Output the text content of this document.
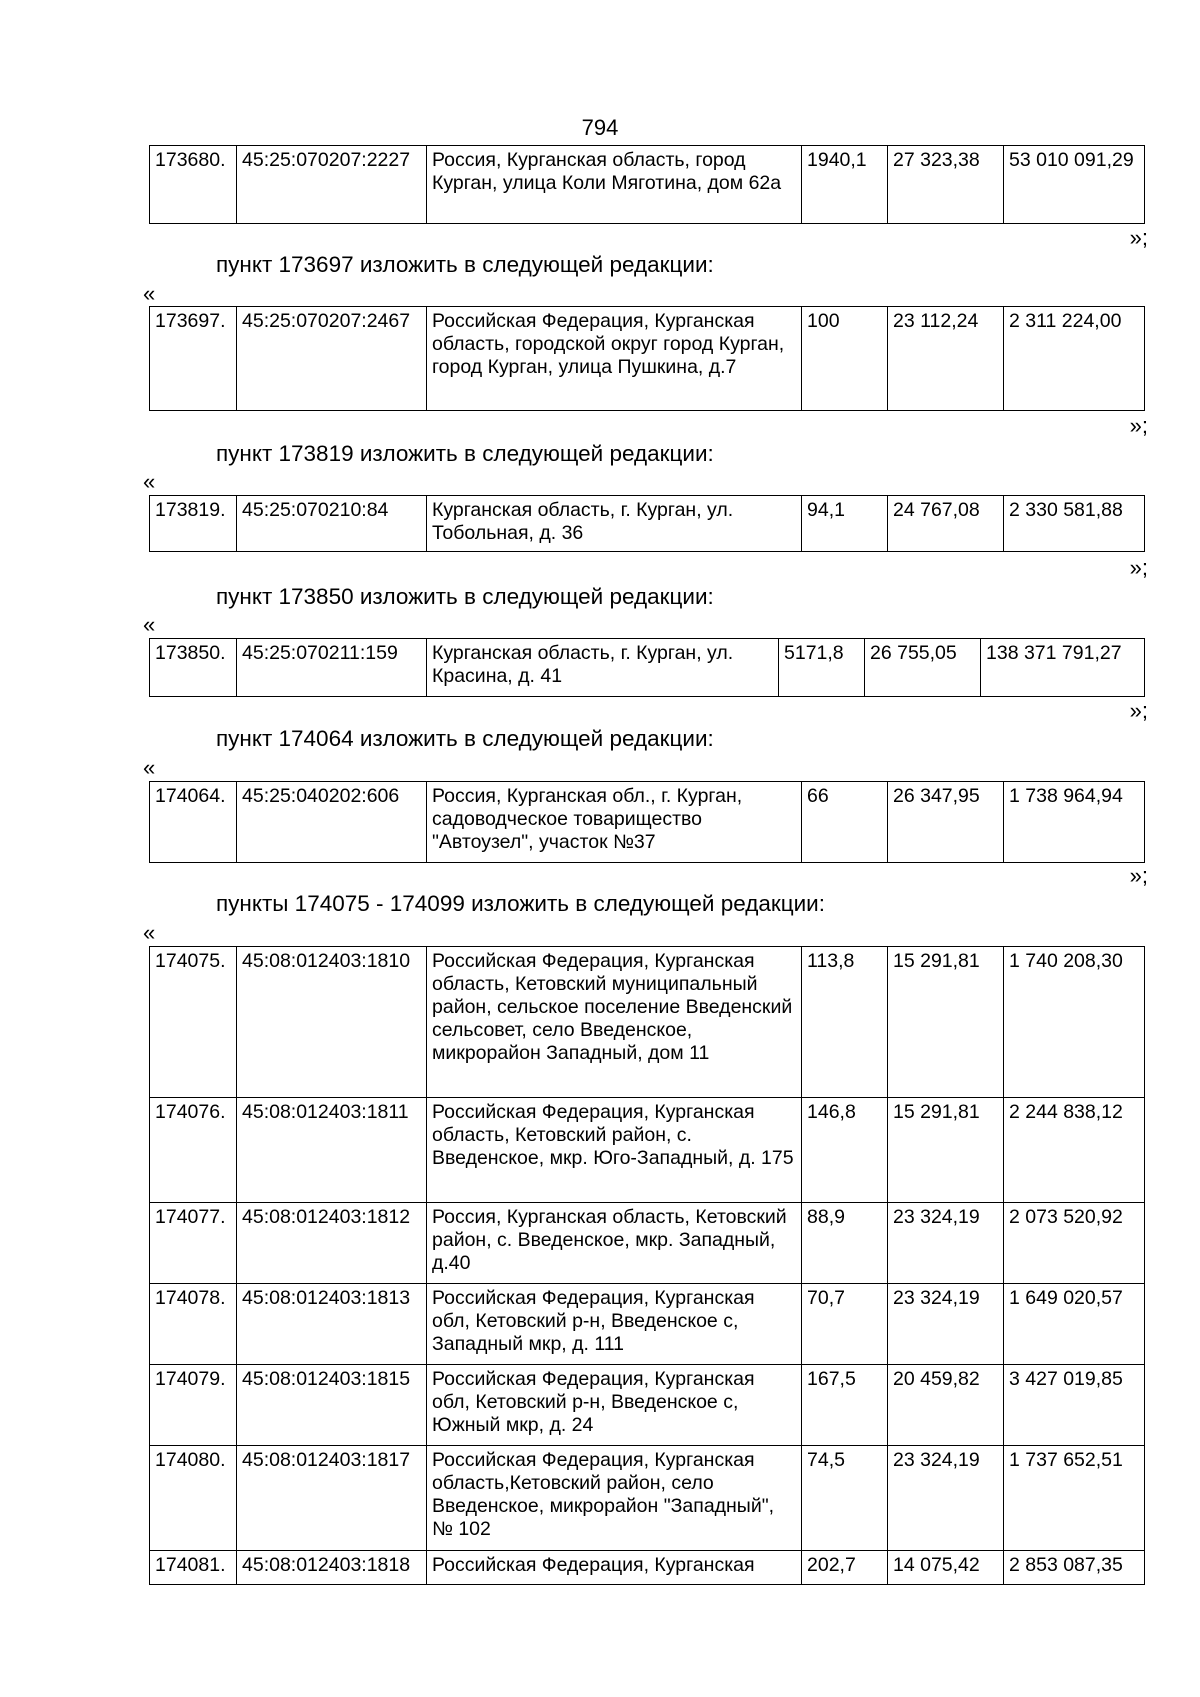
794
173680.	45:25:070207:2227	Россия, Курганская область, город Курган, улица Коли Мяготина, дом 62а	1940,1	27 323,38	53 010 091,29
»;
пункт 173697 изложить в следующей редакции:
«
173697.	45:25:070207:2467	Российская Федерация, Курганская область, городской округ город Курган, город Курган, улица Пушкина, д.7	100	23 112,24	2 311 224,00
»;
пункт 173819 изложить в следующей редакции:
«
173819.	45:25:070210:84	Курганская область, г. Курган, ул. Тобольная, д. 36	94,1	24 767,08	2 330 581,88
»;
пункт 173850 изложить в следующей редакции:
«
173850.	45:25:070211:159	Курганская область, г. Курган, ул. Красина, д. 41	5171,8	26 755,05	138 371 791,27
»;
пункт 174064 изложить в следующей редакции:
«
174064.	45:25:040202:606	Россия, Курганская обл., г. Курган, садоводческое товарищество "Автоузел", участок №37	66	26 347,95	1 738 964,94
»;
пункты 174075 - 174099 изложить в следующей редакции:
«
174075.	45:08:012403:1810	Российская Федерация, Курганская область, Кетовский муниципальный район, сельское поселение Введенский сельсовет, село Введенское, микрорайон Западный, дом 11	113,8	15 291,81	1 740 208,30
174076.	45:08:012403:1811	Российская Федерация, Курганская область, Кетовский район, с. Введенское, мкр. Юго-Западный, д. 175	146,8	15 291,81	2 244 838,12
174077.	45:08:012403:1812	Россия, Курганская область, Кетовский район, с. Введенское, мкр. Западный, д.40	88,9	23 324,19	2 073 520,92
174078.	45:08:012403:1813	Российская Федерация, Курганская обл, Кетовский р-н, Введенское с, Западный мкр, д. 111	70,7	23 324,19	1 649 020,57
174079.	45:08:012403:1815	Российская Федерация, Курганская обл, Кетовский р-н, Введенское с, Южный мкр, д. 24	167,5	20 459,82	3 427 019,85
174080.	45:08:012403:1817	Российская Федерация, Курганская область,Кетовский район, село Введенское, микрорайон "Западный", № 102	74,5	23 324,19	1 737 652,51
174081.	45:08:012403:1818	Российская Федерация, Курганская	202,7	14 075,42	2 853 087,35
